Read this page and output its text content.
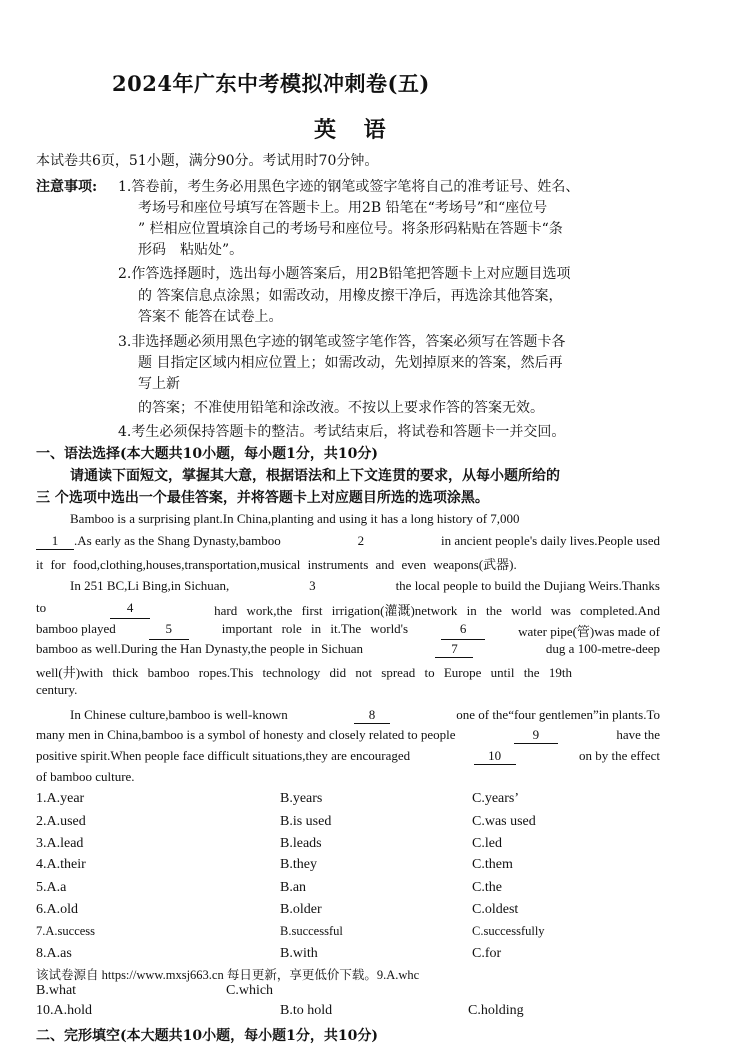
2024年广东中考模拟冲刺卷(五)
英 语
本试卷共6页，51小题，满分90分。考试用时70分钟。
注意事项: 1.答卷前，考生务必用黑色字迹的钢笔或签字笔将自己的准考证号、姓名、
考场号和座位号填写在答题卡上。用2B 铅笔在“考场号”和“座位号
” 栏相应位置填涂自己的考场号和座位号。将条形码粘贴在答题卡“条
形码　粘贴处”。
2.作答选择题时，选出每小题答案后，用2B铅笔把答题卡上对应题目选项
的 答案信息点涂黑；如需改动，用橡皮擦干净后，再选涂其他答案，
答案不 能答在试卷上。
3.非选择题必须用黑色字迹的钢笔或签字笔作答，答案必须写在答题卡各
题 目指定区域内相应位置上；如需改动，先划掉原来的答案，然后再
写上新
的答案；不准使用铅笔和涂改液。不按以上要求作答的答案无效。
4.考生必须保持答题卡的整洁。考试结束后，将试卷和答题卡一并交回。
一、语法选择(本大题共10小题，每小题1分，共10分)
请通读下面短文，掌握其大意，根据语法和上下文连贯的要求，从每小题所给的
三 个选项中选出一个最佳答案，并将答题卡上对应题目所选的选项涂黑。
Bamboo is a surprising plant.In China,planting and using it has a long history of 7,000
1 .As early as the Shang Dynasty,bamboo	2	in ancient people's daily lives.People used
it for food,clothing,houses,transportation,musical instruments and even weapons(武器).
In 251 BC,Li Bing,in Sichuan,	3	the local people to build the Dujiang Weirs.Thanks
to	4	hard work,the first irrigation(灌溉)network in the world was completed.And
bamboo played	5	important role in it.The world's	6	water pipe(管)was made of
bamboo as well.During the Han Dynasty,the people in Sichuan	7	dug a 100-metre-deep
well(井)with thick bamboo ropes.This technology did not spread to Europe until the 19th
century.
In Chinese culture,bamboo is well-known	8	one of the“four gentlemen”in plants.To
many men in China,bamboo is a symbol of honesty and closely related to people	9	have the
positive spirit.When people face difficult situations,they are encouraged	10	on by the effect
of bamboo culture.
1.A.year	B.years	C.years’
2.A.used	B.is used	C.was used
3.A.lead	B.leads	C.led
4.A.their	B.they	C.them
5.A.a	B.an	C.the
6.A.old	B.older	C.oldest
7.A.success	B.successful	C.successfully
8.A.as	B.with	C.for
该试卷源自 https://www.mxsj663.cn 每日更新，享更低价下载。9.A.whc
B.what	C.which
10.A.hold	B.to hold	C.holding
二、完形填空(本大题共10小题，每小题1分，共10分)
